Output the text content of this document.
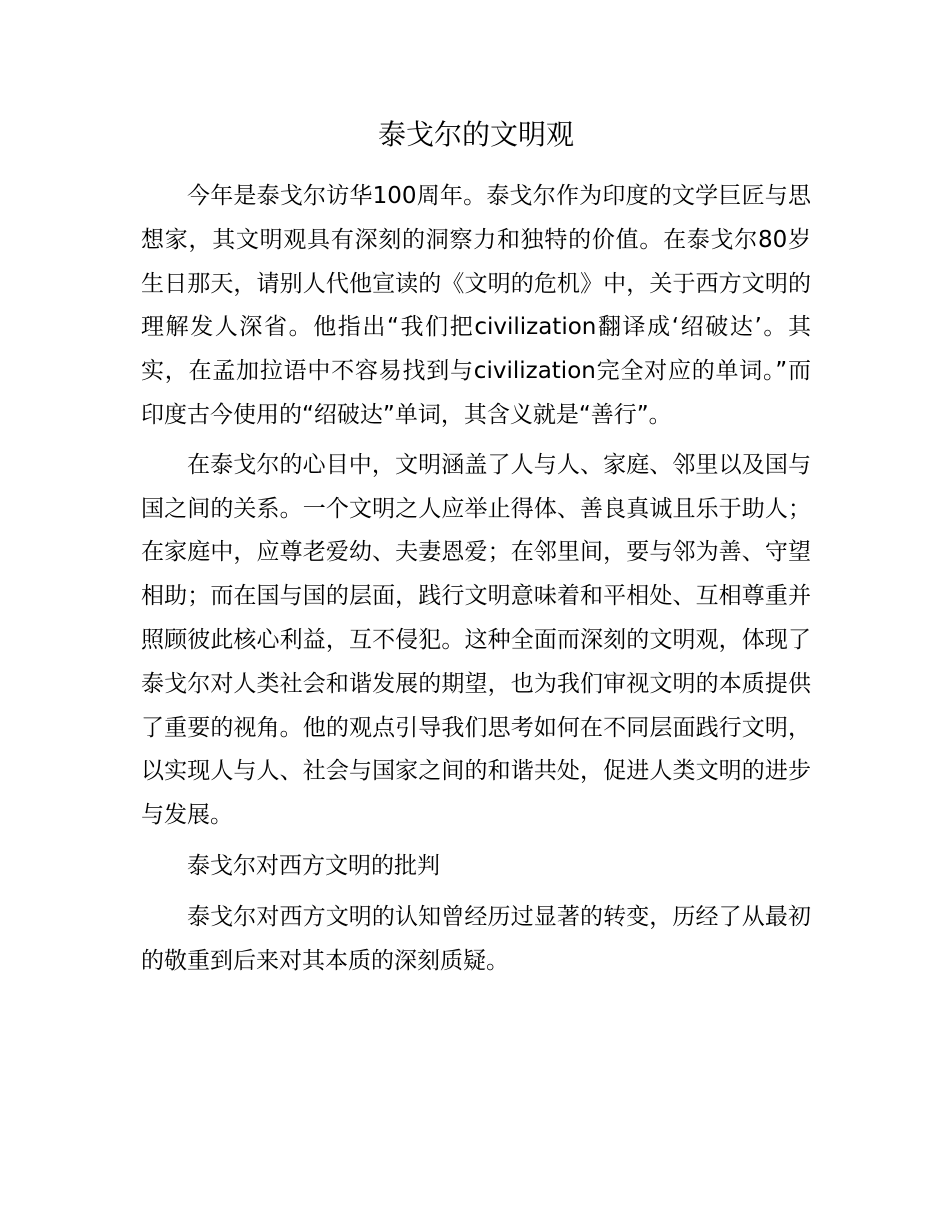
泰戈尔的文明观

今年是泰戈尔访华100周年。泰戈尔作为印度的文学巨匠与思想家，其文明观具有深刻的洞察力和独特的价值。在泰戈尔80岁生日那天，请别人代他宣读的《文明的危机》中，关于西方文明的理解发人深省。他指出“我们把civilization翻译成‘绍破达’。其实，在孟加拉语中不容易找到与civilization完全对应的单词。”而印度古今使用的“绍破达”单词，其含义就是“善行”。

在泰戈尔的心目中，文明涵盖了人与人、家庭、邻里以及国与国之间的关系。一个文明之人应举止得体、善良真诚且乐于助人；在家庭中，应尊老爱幼、夫妻恩爱；在邻里间，要与邻为善、守望相助；而在国与国的层面，践行文明意味着和平相处、互相尊重并照顾彼此核心利益，互不侵犯。这种全面而深刻的文明观，体现了泰戈尔对人类社会和谐发展的期望，也为我们审视文明的本质提供了重要的视角。他的观点引导我们思考如何在不同层面践行文明，以实现人与人、社会与国家之间的和谐共处，促进人类文明的进步与发展。

泰戈尔对西方文明的批判

泰戈尔对西方文明的认知曾经历过显著的转变，历经了从最初的敬重到后来对其本质的深刻质疑。
